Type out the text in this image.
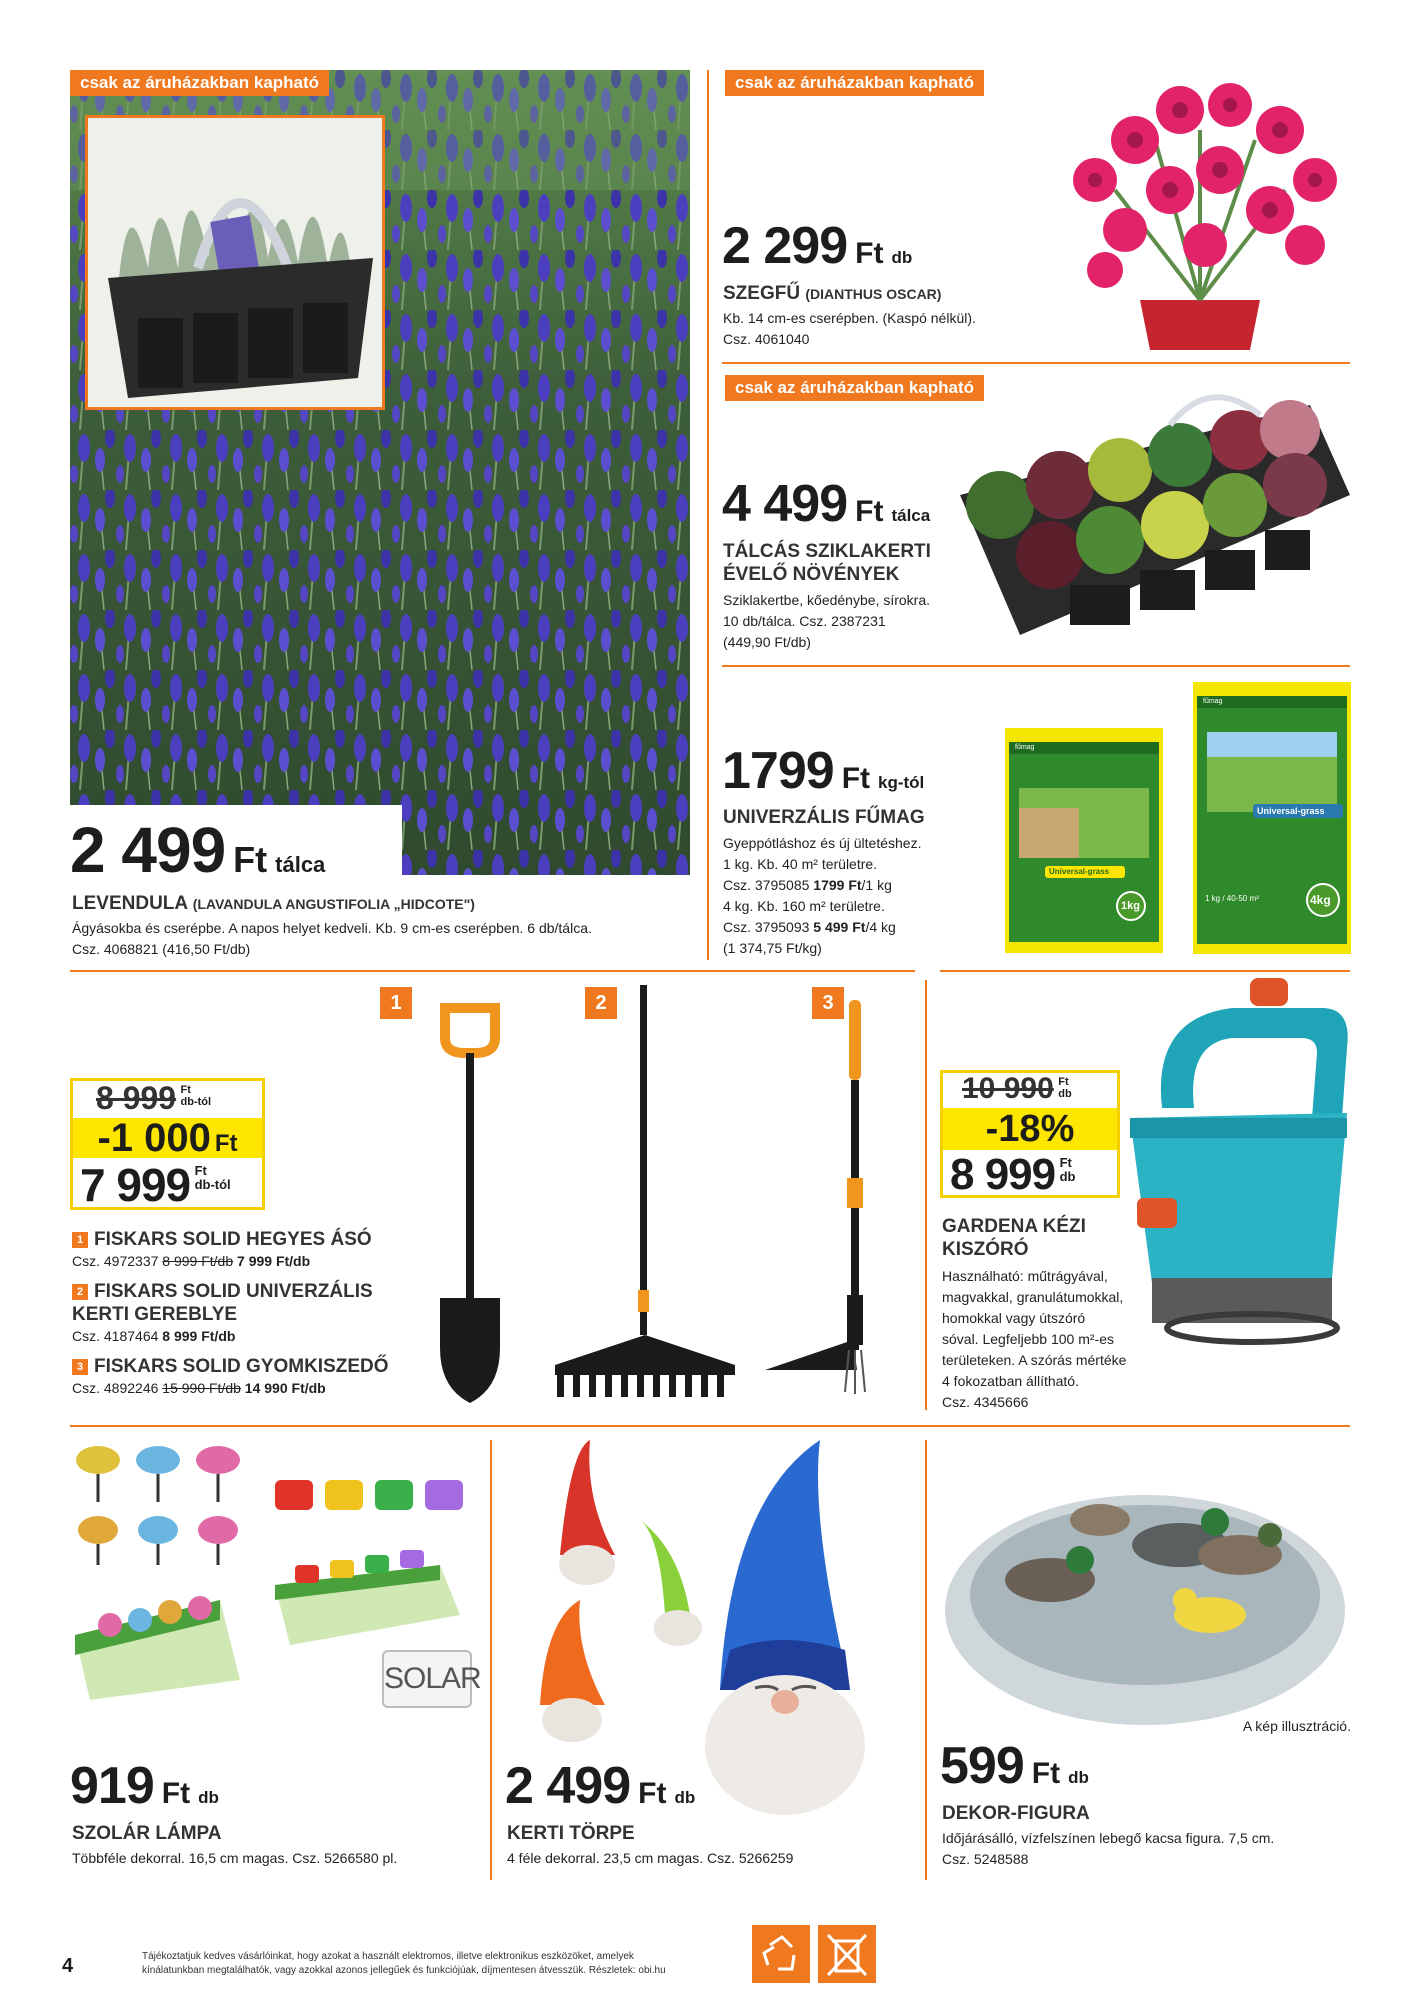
csak az áruházakban kapható
2 499 Ft tálca
LEVENDULA (LAVANDULA ANGUSTIFOLIA „HIDCOTE")
Ágyásokba és cserépbe. A napos helyet kedveli. Kb. 9 cm-es cserépben. 6 db/tálca.
Csz. 4068821 (416,50 Ft/db)
csak az áruházakban kapható
2 299 Ft db
SZEGFŰ (DIANTHUS OSCAR)
Kb. 14 cm-es cserépben. (Kaspó nélkül).
Csz. 4061040
csak az áruházakban kapható
4 499 Ft tálca
TÁLCÁS SZIKLAKERTI
ÉVELŐ NÖVÉNYEK
Sziklakertbe, kőedénybe, sírokra.
10 db/tálca. Csz. 2387231
(449,90 Ft/db)
fűmag
Universal-grass
1kg
fűmag
Universal-grass
1 kg / 40-50 m²	4kg
1799 Ft kg-tól
UNIVERZÁLIS FŰMAG
Gyeppótláshoz és új ültetéshez.
1 kg. Kb. 40 m² területre.
Csz. 3795085 1799 Ft/1 kg
4 kg. Kb. 160 m² területre.
Csz. 3795093 5 499 Ft/4 kg
(1 374,75 Ft/kg)
1	2	3
8 999 Ft
db-tól
-1 000 Ft
7 999 Ft
db-tól
1 FISKARS SOLID HEGYES ÁSÓ
Csz. 4972337 8 999 Ft/db 7 999 Ft/db
2 FISKARS SOLID UNIVERZÁLIS
KERTI GEREBLYE
Csz. 4187464 8 999 Ft/db
3 FISKARS SOLID GYOMKISZEDŐ
Csz. 4892246 15 990 Ft/db 14 990 Ft/db
10 990 Ft
db
-18%
8 999 Ft
db
GARDENA KÉZI
KISZÓRÓ
Használható: műtrágyával,
magvakkal, granulátumokkal,
homokkal vagy útszóró
sóval. Legfeljebb 100 m²-es
területeken. A szórás mértéke
4 fokozatban állítható.
Csz. 4345666
SOLAR
919 Ft db
SZOLÁR LÁMPA
Többféle dekorral. 16,5 cm magas. Csz. 5266580 pl.
2 499 Ft db
KERTI TÖRPE
4 féle dekorral. 23,5 cm magas. Csz. 5266259
A kép illusztráció.
599 Ft db
DEKOR-FIGURA
Időjárásálló, vízfelszínen lebegő kacsa figura. 7,5 cm.
Csz. 5248588
4	Tájékoztatjuk kedves vásárlóinkat, hogy azokat a használt elektromos, illetve elektronikus eszközöket, amelyek
kínálatunkban megtalálhatók, vagy azokkal azonos jellegűek és funkciójúak, díjmentesen átvesszük. Részletek: obi.hu
